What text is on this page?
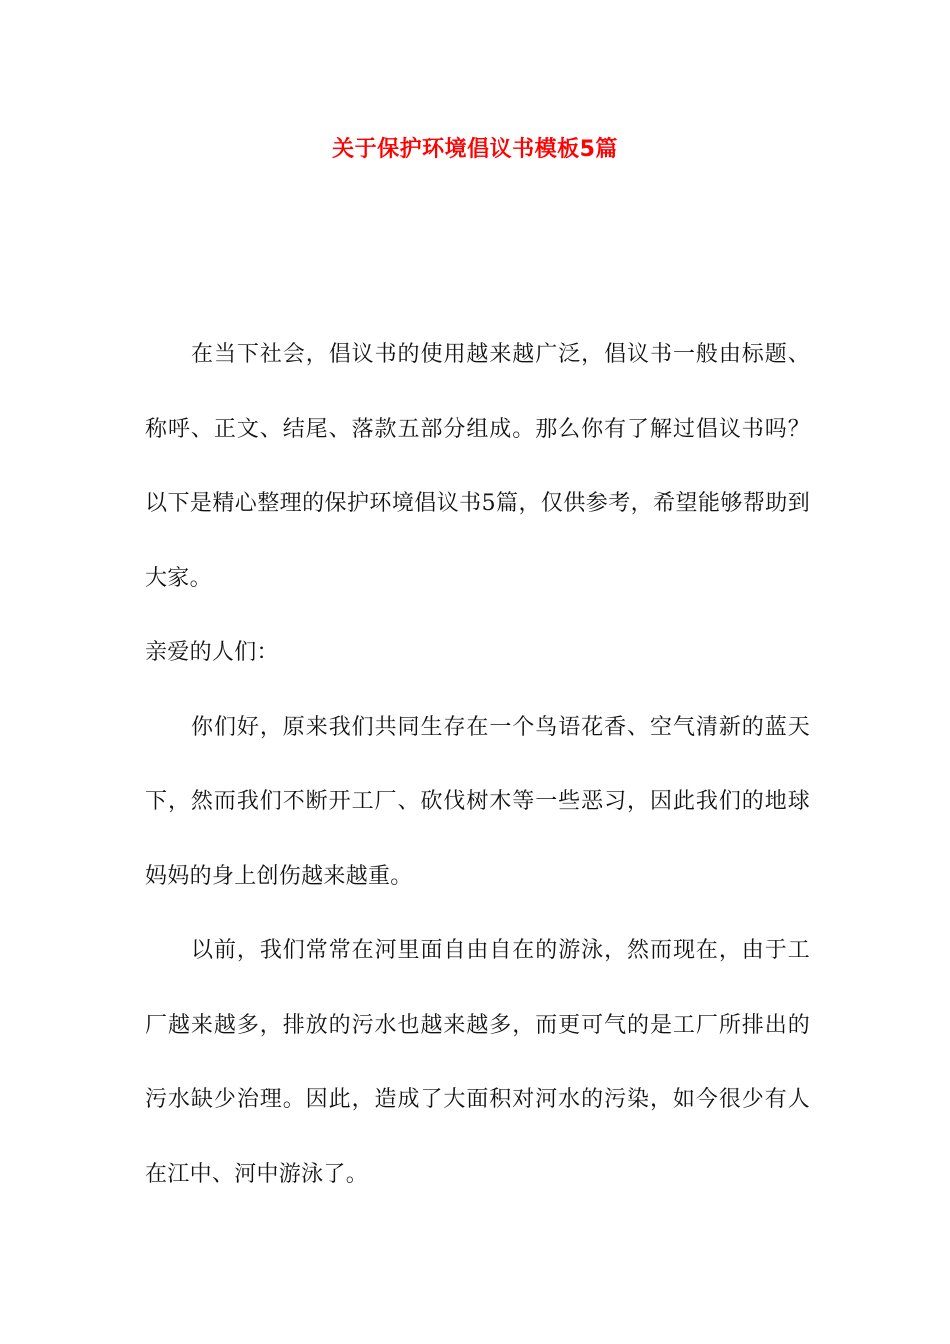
关于保护环境倡议书模板5篇

在当下社会，倡议书的使用越来越广泛，倡议书一般由标题、称呼、正文、结尾、落款五部分组成。那么你有了解过倡议书吗？以下是精心整理的保护环境倡议书5篇，仅供参考，希望能够帮助到大家。

亲爱的人们：

你们好，原来我们共同生存在一个鸟语花香、空气清新的蓝天下，然而我们不断开工厂、砍伐树木等一些恶习，因此我们的地球妈妈的身上创伤越来越重。

以前，我们常常在河里面自由自在的游泳，然而现在，由于工厂越来越多，排放的污水也越来越多，而更可气的是工厂所排出的污水缺少治理。因此，造成了大面积对河水的污染，如今很少有人在江中、河中游泳了。
